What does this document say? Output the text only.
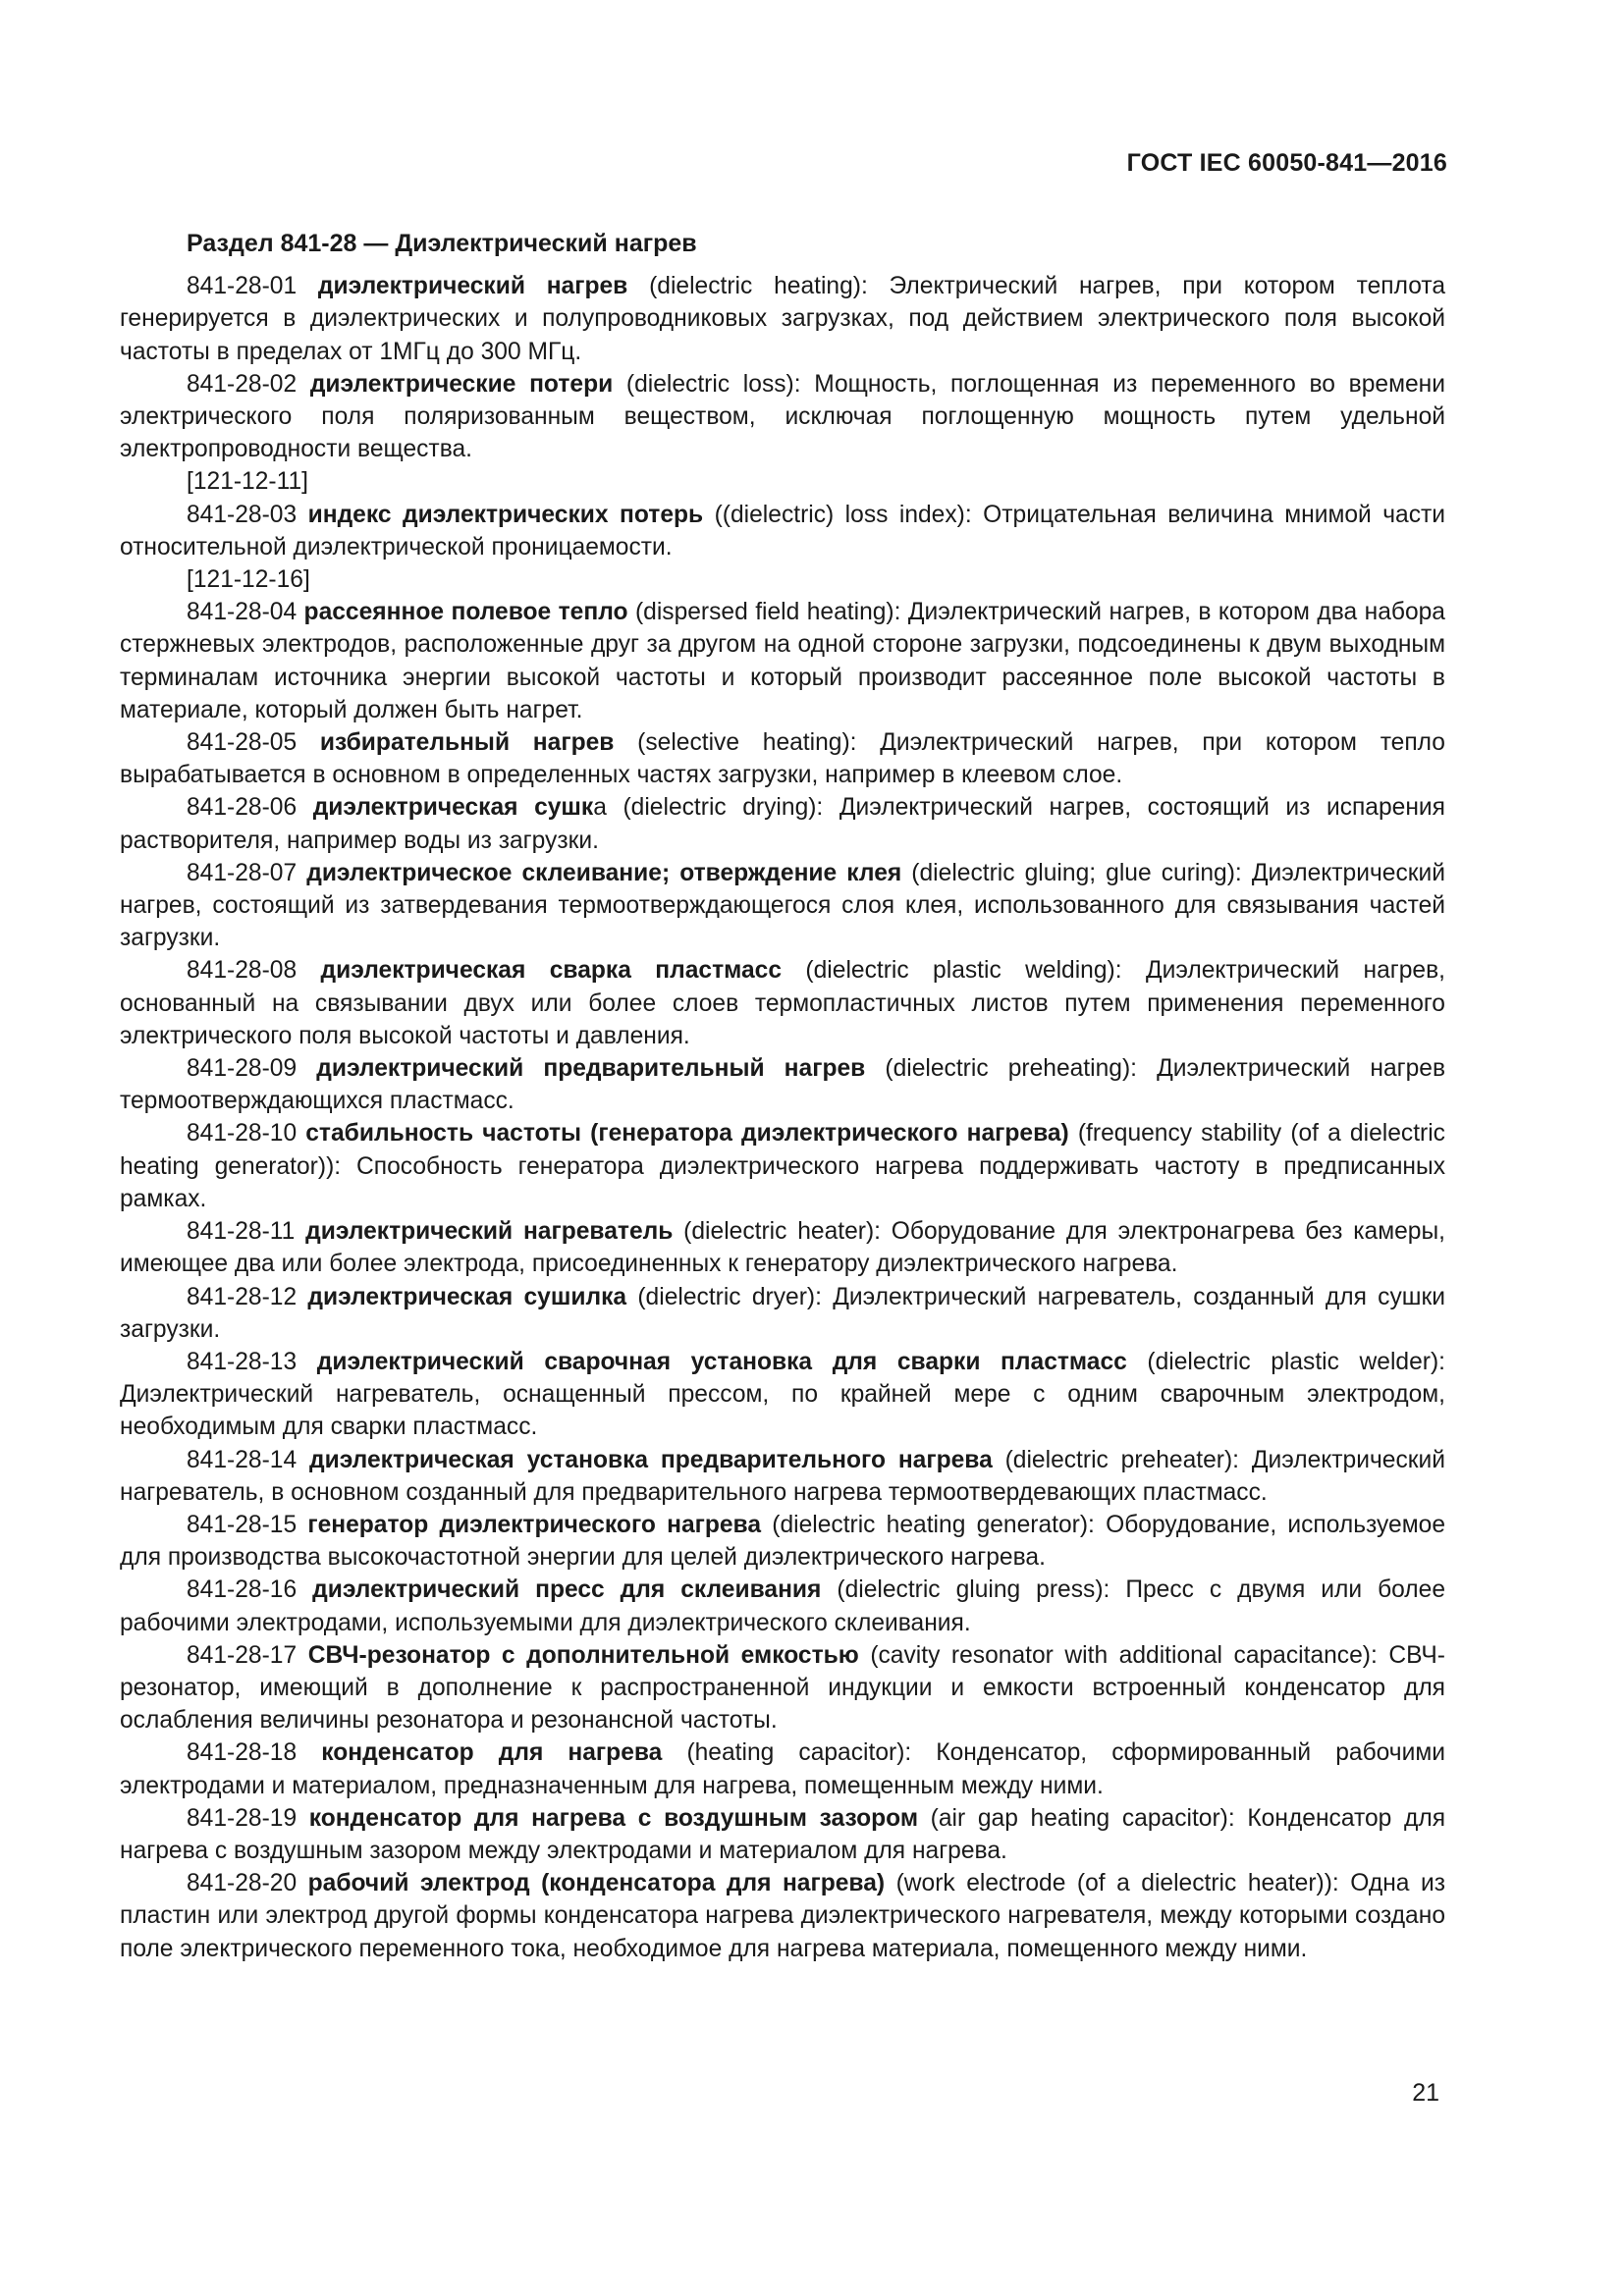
ГОСТ IEC 60050-841—2016
Раздел 841-28 — Диэлектрический нагрев

841-28-01 диэлектрический нагрев (dielectric heating): Электрический нагрев, при котором теплота генерируется в диэлектрических и полупроводниковых загрузках, под действием электрического поля высокой частоты в пределах от 1МГц до 300 МГц.

841-28-02 диэлектрические потери (dielectric loss): Мощность, поглощенная из переменного во времени электрического поля поляризованным веществом, исключая поглощенную мощность путем удельной электропроводности вещества.

[121-12-11]

841-28-03 индекс диэлектрических потерь ((dielectric) loss index): Отрицательная величина мнимой части относительной диэлектрической проницаемости.

[121-12-16]

841-28-04 рассеянное полевое тепло (dispersed field heating): Диэлектрический нагрев, в котором два набора стержневых электродов, расположенные друг за другом на одной стороне загрузки, подсоединены к двум выходным терминалам источника энергии высокой частоты и который производит рассеянное поле высокой частоты в материале, который должен быть нагрет.

841-28-05 избирательный нагрев (selective heating): Диэлектрический нагрев, при котором тепло вырабатывается в основном в определенных частях загрузки, например в клеевом слое.

841-28-06 диэлектрическая сушка (dielectric drying): Диэлектрический нагрев, состоящий из испарения растворителя, например воды из загрузки.

841-28-07 диэлектрическое склеивание; отверждение клея (dielectric gluing; glue curing): Диэлектрический нагрев, состоящий из затвердевания термоотверждающегося слоя клея, использованного для связывания частей загрузки.

841-28-08 диэлектрическая сварка пластмасс (dielectric plastic welding): Диэлектрический нагрев, основанный на связывании двух или более слоев термопластичных листов путем применения переменного электрического поля высокой частоты и давления.

841-28-09 диэлектрический предварительный нагрев (dielectric preheating): Диэлектрический нагрев термоотверждающихся пластмасс.

841-28-10 стабильность частоты (генератора диэлектрического нагрева) (frequency stability (of a dielectric heating generator)): Способность генератора диэлектрического нагрева поддерживать частоту в предписанных рамках.

841-28-11 диэлектрический нагреватель (dielectric heater): Оборудование для электронагрева без камеры, имеющее два или более электрода, присоединенных к генератору диэлектрического нагрева.

841-28-12 диэлектрическая сушилка (dielectric dryer): Диэлектрический нагреватель, созданный для сушки загрузки.

841-28-13 диэлектрический сварочная установка для сварки пластмасс (dielectric plastic welder): Диэлектрический нагреватель, оснащенный прессом, по крайней мере с одним сварочным электродом, необходимым для сварки пластмасс.

841-28-14 диэлектрическая установка предварительного нагрева (dielectric preheater): Диэлектрический нагреватель, в основном созданный для предварительного нагрева термоотвердевающих пластмасс.

841-28-15 генератор диэлектрического нагрева (dielectric heating generator): Оборудование, используемое для производства высокочастотной энергии для целей диэлектрического нагрева.

841-28-16 диэлектрический пресс для склеивания (dielectric gluing press): Пресс с двумя или более рабочими электродами, используемыми для диэлектрического склеивания.

841-28-17 СВЧ-резонатор с дополнительной емкостью (cavity resonator with additional capacitance): СВЧ-резонатор, имеющий в дополнение к распространенной индукции и емкости встроенный конденсатор для ослабления величины резонатора и резонансной частоты.

841-28-18 конденсатор для нагрева (heating capacitor): Конденсатор, сформированный рабочими электродами и материалом, предназначенным для нагрева, помещенным между ними.

841-28-19 конденсатор для нагрева с воздушным зазором (air gap heating capacitor): Конденсатор для нагрева с воздушным зазором между электродами и материалом для нагрева.

841-28-20 рабочий электрод (конденсатора для нагрева) (work electrode (of a dielectric heater)): Одна из пластин или электрод другой формы конденсатора нагрева диэлектрического нагревателя, между которыми создано поле электрического переменного тока, необходимое для нагрева материала, помещенного между ними.

21
